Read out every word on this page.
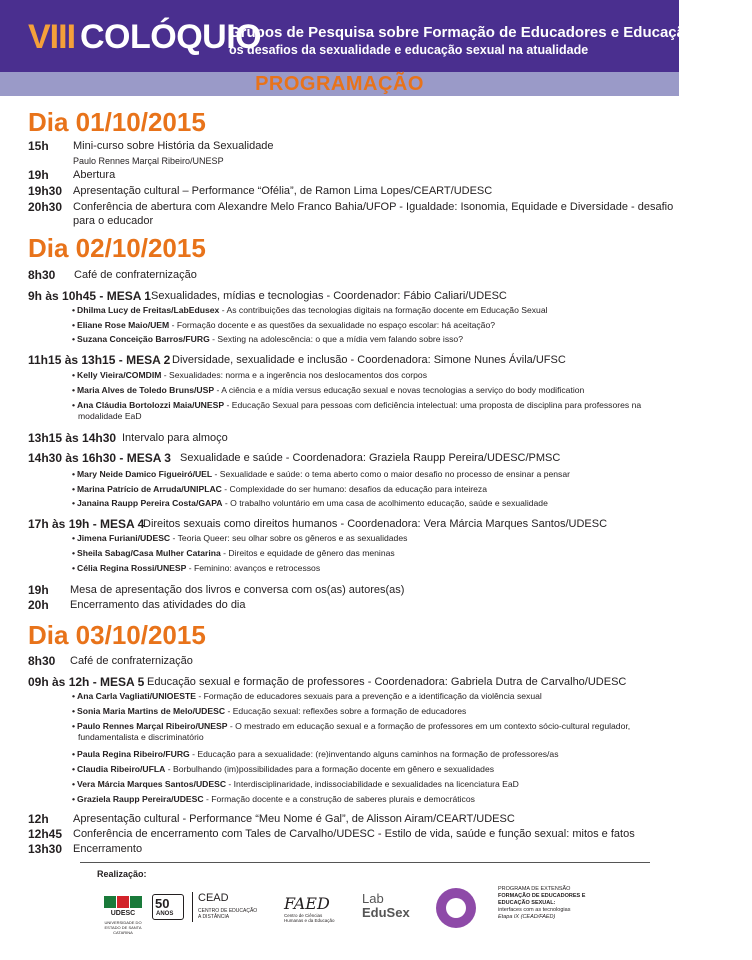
VIII COLÓQUIO
Grupos de Pesquisa sobre Formação de Educadores e Educação Sexual:
os desafios da sexualidade e educação sexual na atualidade
PROGRAMAÇÃO
Dia 01/10/2015
15h Mini-curso sobre História da Sexualidade
Paulo Rennes Marçal Ribeiro/UNESP
19h Abertura
19h30 Apresentação cultural – Performance “Ofélia”, de Ramon Lima Lopes/CEART/UDESC
20h30 Conferência de abertura com Alexandre Melo Franco Bahia/UFOP - Igualdade: Isonomia, Equidade e Diversidade - desafio
para o educador
Dia 02/10/2015
8h30 Café de confraternização
9h às 10h45 - MESA 1 Sexualidades, mídias e tecnologias - Coordenador: Fábio Caliari/UDESC
• Dhilma Lucy de Freitas/LabEdusex - As contribuições das tecnologias digitais na formação docente em Educação Sexual
• Eliane Rose Maio/UEM - Formação docente e as questões da sexualidade no espaço escolar: há aceitação?
• Suzana Conceição Barros/FURG - Sexting na adolescência: o que a mídia vem falando sobre isso?
11h15 às 13h15 - MESA 2 Diversidade, sexualidade e inclusão - Coordenadora: Simone Nunes Ávila/UFSC
• Kelly Vieira/COMDIM - Sexualidades: norma e a ingerência nos deslocamentos dos corpos
• Maria Alves de Toledo Bruns/USP - A ciência e a mídia versus educação sexual e novas tecnologias a serviço do body modification
• Ana Cláudia Bortolozzi Maia/UNESP - Educação Sexual para pessoas com deficiência intelectual: uma proposta de disciplina para professores na modalidade EaD
13h15 às 14h30 Intervalo para almoço
14h30 às 16h30 - MESA 3 Sexualidade e saúde - Coordenadora: Graziela Raupp Pereira/UDESC/PMSC
• Mary Neide Damico Figueiró/UEL - Sexualidade e saúde: o tema aberto como o maior desafio no processo de ensinar a pensar
• Marina Patrício de Arruda/UNIPLAC - Complexidade do ser humano: desafios da educação para inteireza
• Janaina Raupp Pereira Costa/GAPA - O trabalho voluntário em uma casa de acolhimento educação, saúde e sexualidade
17h às 19h - MESA 4
Direitos sexuais como direitos humanos - Coordenadora: Vera Márcia Marques Santos/UDESC
• Jimena Furiani/UDESC - Teoria Queer: seu olhar sobre os gêneros e as sexualidades
• Sheila Sabag/Casa Mulher Catarina - Direitos e equidade de gênero das meninas
• Célia Regina Rossi/UNESP - Feminino: avanços e retrocessos
19h Mesa de apresentação dos livros e conversa com os(as) autores(as)
20h Encerramento das atividades do dia
Dia 03/10/2015
8h30 Café de confraternização
09h às 12h - MESA 5 Educação sexual e formação de professores - Coordenadora: Gabriela Dutra de Carvalho/UDESC
• Ana Carla Vagliati/UNIOESTE - Formação de educadores sexuais para a prevenção e a identificação da violência sexual
• Sonia Maria Martins de Melo/UDESC - Educação sexual: reflexões sobre a formação de educadores
• Paulo Rennes Marçal Ribeiro/UNESP - O mestrado em educação sexual e a formação de professores em um contexto sócio-cultural regulador, fundamentalista e discriminatório
• Paula Regina Ribeiro/FURG - Educação para a sexualidade: (re)inventando alguns caminhos na formação de professores/as
• Claudia Ribeiro/UFLA - Borbulhando (im)possibilidades para a formação docente em gênero e sexualidades
• Vera Márcia Marques Santos/UDESC - Interdisciplinaridade, indissociabilidade e sexualidades na licenciatura EaD
• Graziela Raupp Pereira/UDESC - Formação docente e a construção de saberes plurais e democráticos
12h Apresentação cultural - Performance “Meu Nome é Gal”, de Alisson Airam/CEART/UDESC
12h45 Conferência de encerramento com Tales de Carvalho/UDESC - Estilo de vida, saúde e função sexual: mitos e fatos
13h30 Encerramento
Realização:
UDESC
UNIVERSIDADE DO ESTADO DE SANTA CATARINA
50
ANOS
CEAD
CENTRO DE EDUCAÇÃO A DISTÂNCIA
FAED
Centro de Ciências Humanas e da Educação
Lab
EduSex
PROGRAMA DE EXTENSÃO
FORMAÇÃO DE EDUCADORES E
EDUCAÇÃO SEXUAL:
interfaces com as tecnologias
Etapa IX (CEAD/FAED)
